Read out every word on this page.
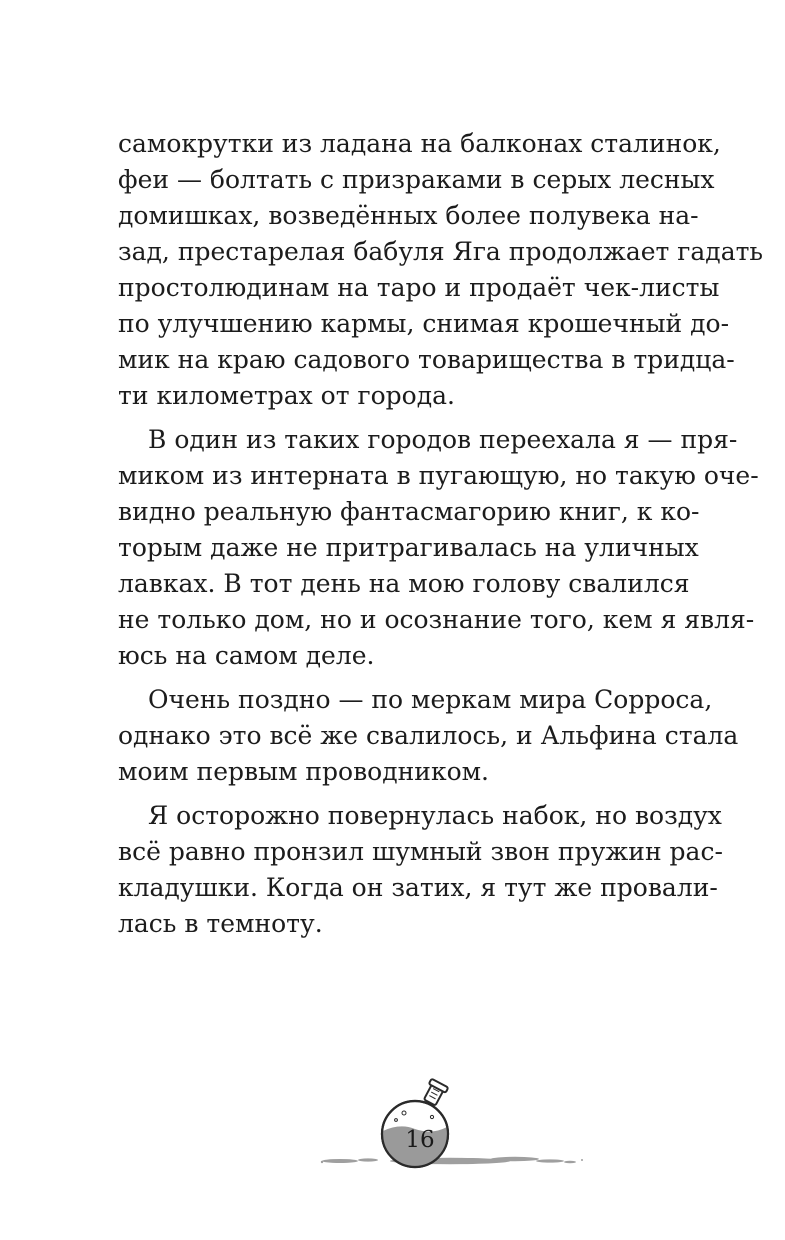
самокрутки из ладана на балконах сталинок,
феи — болтать с призраками в серых лесных
домишках, возведённых более полувека на-
зад, престарелая бабуля Яга продолжает гадать
простолюдинам на таро и продаёт чек-листы
по улучшению кармы, снимая крошечный до-
мик на краю садового товарищества в тридца-
ти километрах от города.
В один из таких городов переехала я — пря-
миком из интерната в пугающую, но такую оче-
видно реальную фантасмагорию книг, к ко-
торым даже не притрагивалась на уличных
лавках. В тот день на мою голову свалился
не только дом, но и осознание того, кем я явля-
юсь на самом деле.
Очень поздно — по меркам мира Сорроса,
однако это всё же свалилось, и Альфина стала
моим первым проводником.
Я осторожно повернулась набок, но воздух
всё равно пронзил шумный звон пружин рас-
кладушки. Когда он затих, я тут же провали-
лась в темноту.
16
